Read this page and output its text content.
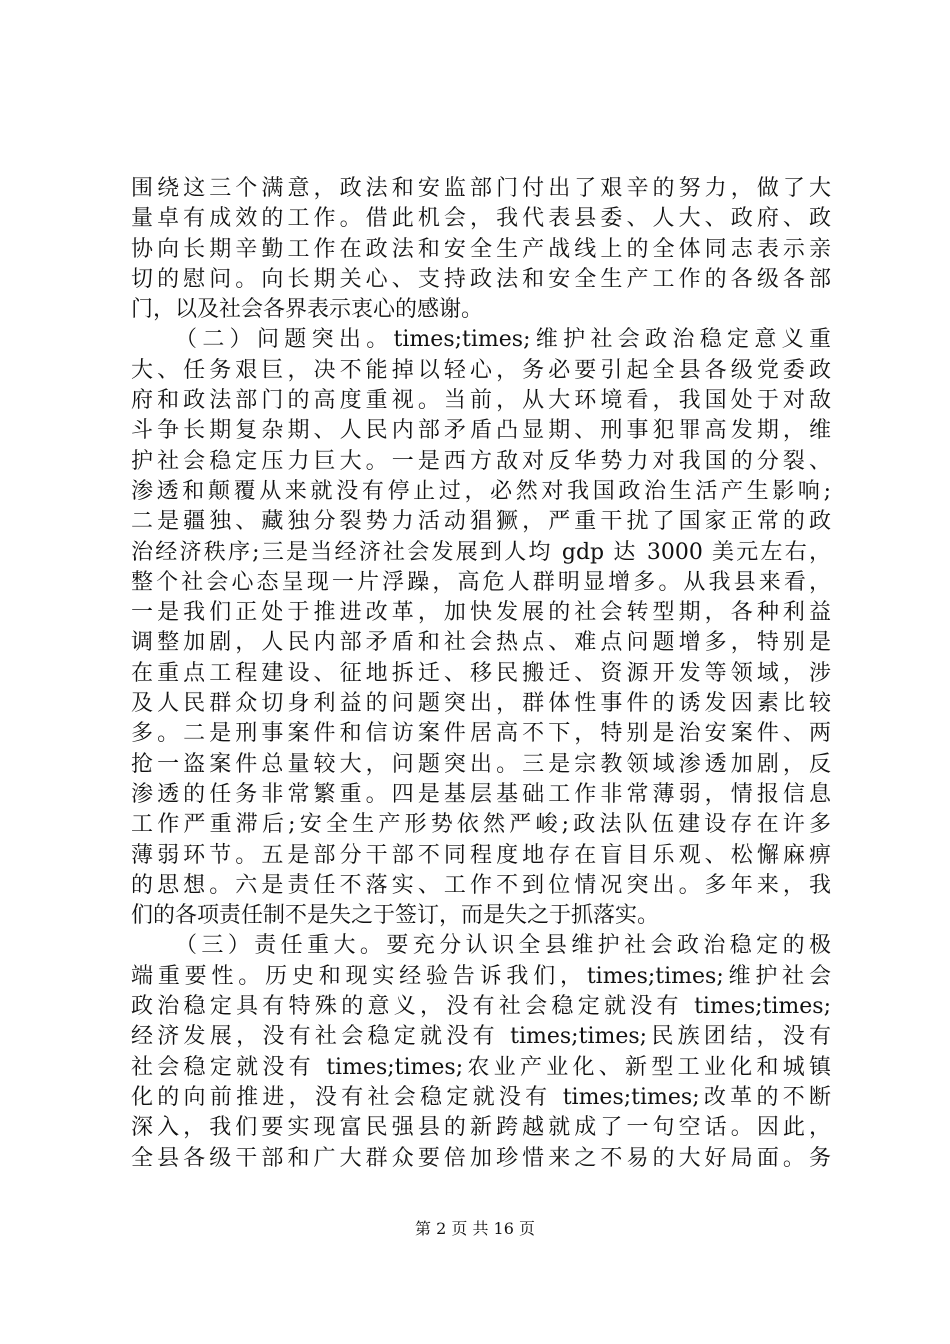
围绕这三个满意，政法和安监部门付出了艰辛的努力，做了大
量卓有成效的工作。借此机会，我代表县委、人大、政府、政
协向长期辛勤工作在政法和安全生产战线上的全体同志表示亲
切的慰问。向长期关心、支持政法和安全生产工作的各级各部
门，以及社会各界表示衷心的感谢。
（二）问题突出。times;times;维护社会政治稳定意义重
大、任务艰巨，决不能掉以轻心，务必要引起全县各级党委政
府和政法部门的高度重视。当前，从大环境看，我国处于对敌
斗争长期复杂期、人民内部矛盾凸显期、刑事犯罪高发期，维
护社会稳定压力巨大。一是西方敌对反华势力对我国的分裂、
渗透和颠覆从来就没有停止过，必然对我国政治生活产生影响;
二是疆独、藏独分裂势力活动猖獗，严重干扰了国家正常的政
治经济秩序;三是当经济社会发展到人均 gdp 达 3000 美元左右，
整个社会心态呈现一片浮躁，高危人群明显增多。从我县来看，
一是我们正处于推进改革，加快发展的社会转型期，各种利益
调整加剧，人民内部矛盾和社会热点、难点问题增多，特别是
在重点工程建设、征地拆迁、移民搬迁、资源开发等领域，涉
及人民群众切身利益的问题突出，群体性事件的诱发因素比较
多。二是刑事案件和信访案件居高不下，特别是治安案件、两
抢一盗案件总量较大，问题突出。三是宗教领域渗透加剧，反
渗透的任务非常繁重。四是基层基础工作非常薄弱，情报信息
工作严重滞后;安全生产形势依然严峻;政法队伍建设存在许多
薄弱环节。五是部分干部不同程度地存在盲目乐观、松懈麻痹
的思想。六是责任不落实、工作不到位情况突出。多年来，我
们的各项责任制不是失之于签订，而是失之于抓落实。
（三）责任重大。要充分认识全县维护社会政治稳定的极
端重要性。历史和现实经验告诉我们，times;times;维护社会
政治稳定具有特殊的意义，没有社会稳定就没有 times;times;
经济发展，没有社会稳定就没有 times;times;民族团结，没有
社会稳定就没有 times;times;农业产业化、新型工业化和城镇
化的向前推进，没有社会稳定就没有 times;times;改革的不断
深入，我们要实现富民强县的新跨越就成了一句空话。因此，
全县各级干部和广大群众要倍加珍惜来之不易的大好局面。务
第 2 页 共 16 页
